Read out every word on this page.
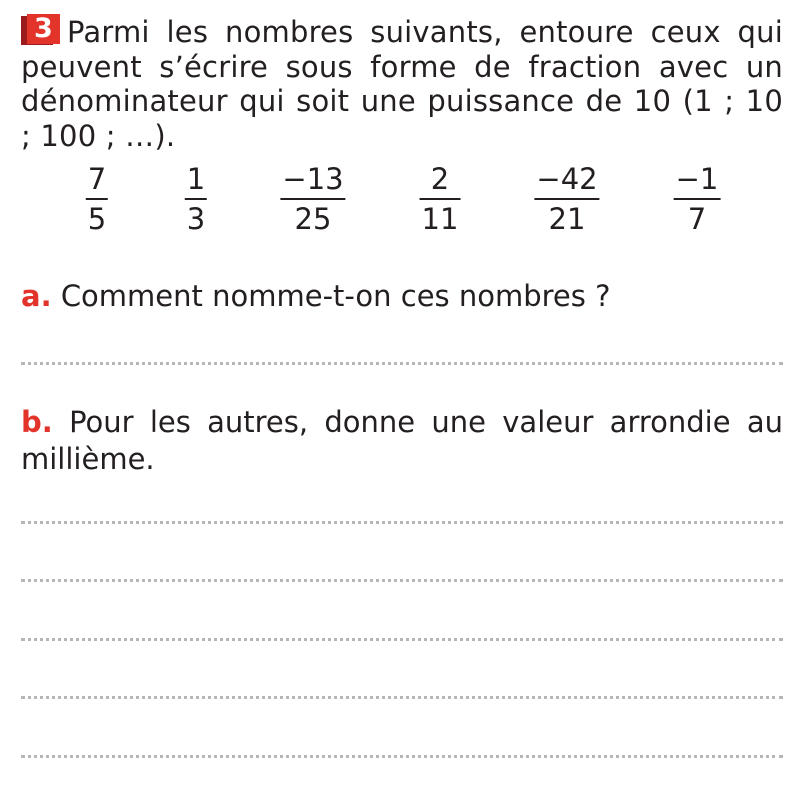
3 Parmi les nombres suivants, entoure ceux qui peuvent s’écrire sous forme de fraction avec un dénominateur qui soit une puissance de 10 (1 ; 10 ; 100 ; …).

7
5
1
3
−13
25
2
11
−42
21
−1
7
a. Comment nomme-t-on ces nombres ?
b. Pour les autres, donne une valeur arrondie au millième.
